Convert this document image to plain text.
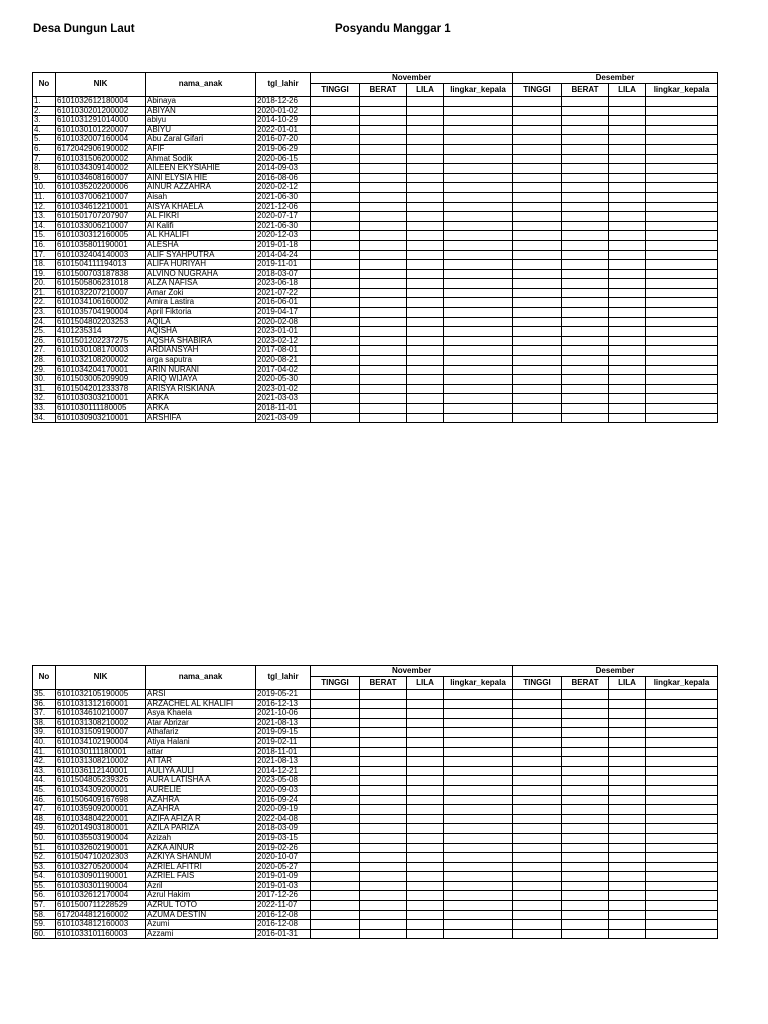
Desa Dungun Laut	Posyandu Manggar 1
No	NIK	nama_anak	tgl_lahir	November				Desember			
				TINGGI	BERAT	LILA	lingkar_kepala	TINGGI	BERAT	LILA	lingkar_kepala
1.	6101032612180004	Abinaya	2018-12-26								
2.	6101030201200002	ABIYAN	2020-01-02								
3.	6101031291014000	abiyu	2014-10-29								
4.	6101030101220007	ABIYU	2022-01-01								
5.	6101032007160004	Abu Zaral Gifari	2016-07-20								
6.	6172042906190002	AFIF	2019-06-29								
7.	6101031506200002	Ahmat Sodik	2020-06-15								
8.	6101034309140002	AILEEN EKYSIAHIE	2014-09-03								
9.	6101034608160007	AINI ELYSIA HIE	2016-08-06								
10.	6101035202200006	AINUR AZZAHRA	2020-02-12								
11.	6101037006210007	Aisah	2021-06-30								
12.	6101034612210001	AISYA KHAELA	2021-12-06								
13.	6101501707207907	AL FIKRI	2020-07-17								
14.	6101033006210007	Al Kalifi	2021-06-30								
15.	6101030312160005	AL KHALIFI	2020-12-03								
16.	6101035801190001	ALESHA	2019-01-18								
17.	6101032404140003	ALIF SYAHPUTRA	2014-04-24								
18.	6101504111194013	ALIFA HURIYAH	2019-11-01								
19.	6101500703187838	ALVINO NUGRAHA	2018-03-07								
20.	6101505806231018	ALZA NAFISA	2023-06-18								
21.	6101032207210007	Amar Zoki	2021-07-22								
22.	6101034106160002	Amira Lastira	2016-06-01								
23.	6101035704190004	April Fiktoria	2019-04-17								
24.	6101504802203253	AQILA	2020-02-08								
25.	4101235314	AQISHA	2023-01-01								
26.	6101501202237275	AQSHA SHABIRA	2023-02-12								
27.	6101030108170003	ARDIANSYAH	2017-08-01								
28.	6101032108200002	arga saputra	2020-08-21								
29.	6101034204170001	ARIN NURANI	2017-04-02								
30.	6101503005209909	ARIQ WIJAYA	2020-05-30								
31.	6101504201233378	ARISYA RISKIANA	2023-01-02								
32.	6101030303210001	ARKA	2021-03-03								
33.	6101030111180005	ARKA	2018-11-01								
34.	6101030903210001	ARSHIFA	2021-03-09								
No	NIK	nama_anak	tgl_lahir	November				Desember			
				TINGGI	BERAT	LILA	lingkar_kepala	TINGGI	BERAT	LILA	lingkar_kepala
35.	6101032105190005	ARSI	2019-05-21								
36.	6101031312160001	ARZACHEL AL KHALIFI	2016-12-13								
37.	6101034610210007	Asya Khaela	2021-10-06								
38.	6101031308210002	Atar Abrizar	2021-08-13								
39.	6101031509190007	Athafariz	2019-09-15								
40.	6101034102190004	Atiya Halani	2019-02-11								
41.	6101030111180001	attar	2018-11-01								
42.	6101031308210002	ATTAR	2021-08-13								
43.	6101036112140001	AULIYA AULI	2014-12-21								
44.	6101504805239326	AURA LATISHA A	2023-05-08								
45.	6101034309200001	AURELIE	2020-09-03								
46.	6101506409167698	AZAHRA	2016-09-24								
47.	6101035909200001	AZAHRA	2020-09-19								
48.	6101034804220001	AZIFA AFIZA R	2022-04-08								
49.	6102014903180001	AZILA PARIZA	2018-03-09								
50.	6101035503190004	Azizah	2019-03-15								
51.	6101032602190001	AZKA AINUR	2019-02-26								
52.	6101504710202303	AZKIYA SHANUM	2020-10-07								
53.	6101032705200004	AZRIEL AFITRI	2020-05-27								
54.	6101030901190001	AZRIEL FAIS	2019-01-09								
55.	6101030301190004	Azril	2019-01-03								
56.	6101032612170004	Azrul Hakim	2017-12-26								
57.	6101500711228529	AZRUL TOTO	2022-11-07								
58.	6172044812160002	AZUMA DESTIN	2016-12-08								
59.	6101034812160003	Azumi	2016-12-08								
60.	6101033101160003	Azzami	2016-01-31								
